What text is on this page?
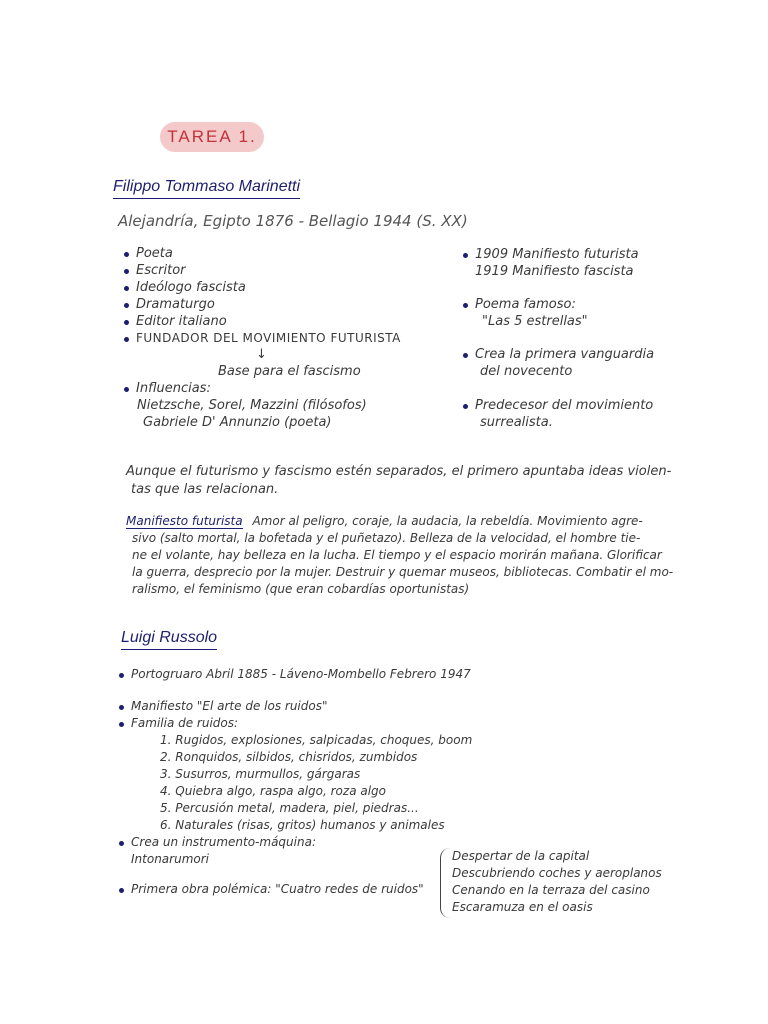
TAREA 1.
Filippo Tommaso Marinetti
Alejandría, Egipto 1876 - Bellagio 1944 (S. XX)
Poeta
Escritor
Ideólogo fascista
Dramaturgo
Editor italiano
FUNDADOR DEL MOVIMIENTO FUTURISTA
↓
Base para el fascismo
Influencias:
Nietzsche, Sorel, Mazzini (filósofos)
Gabriele D' Annunzio (poeta)
1909 Manifiesto futurista
1919 Manifiesto fascista
Poema famoso:
"Las 5 estrellas"
Crea la primera vanguardia
del novecento
Predecesor del movimiento
surrealista.
Aunque el futurismo y fascismo estén separados, el primero apuntaba ideas violen-
tas que las relacionan.
Manifiesto futurista Amor al peligro, coraje, la audacia, la rebeldía. Movimiento agre-
sivo (salto mortal, la bofetada y el puñetazo). Belleza de la velocidad, el hombre tie-
ne el volante, hay belleza en la lucha. El tiempo y el espacio morirán mañana. Glorificar
la guerra, desprecio por la mujer. Destruir y quemar museos, bibliotecas. Combatir el mo-
ralismo, el feminismo (que eran cobardías oportunistas)
Luigi Russolo
Portogruaro Abril 1885 - Láveno-Mombello Febrero 1947
Manifiesto "El arte de los ruidos"
Familia de ruidos:
1. Rugidos, explosiones, salpicadas, choques, boom
2. Ronquidos, silbidos, chisridos, zumbidos
3. Susurros, murmullos, gárgaras
4. Quiebra algo, raspa algo, roza algo
5. Percusión metal, madera, piel, piedras...
6. Naturales (risas, gritos) humanos y animales
Crea un instrumento-máquina:
Intonarumori
Primera obra polémica: "Cuatro redes de ruidos"
Despertar de la capital
Descubriendo coches y aeroplanos
Cenando en la terraza del casino
Escaramuza en el oasis
